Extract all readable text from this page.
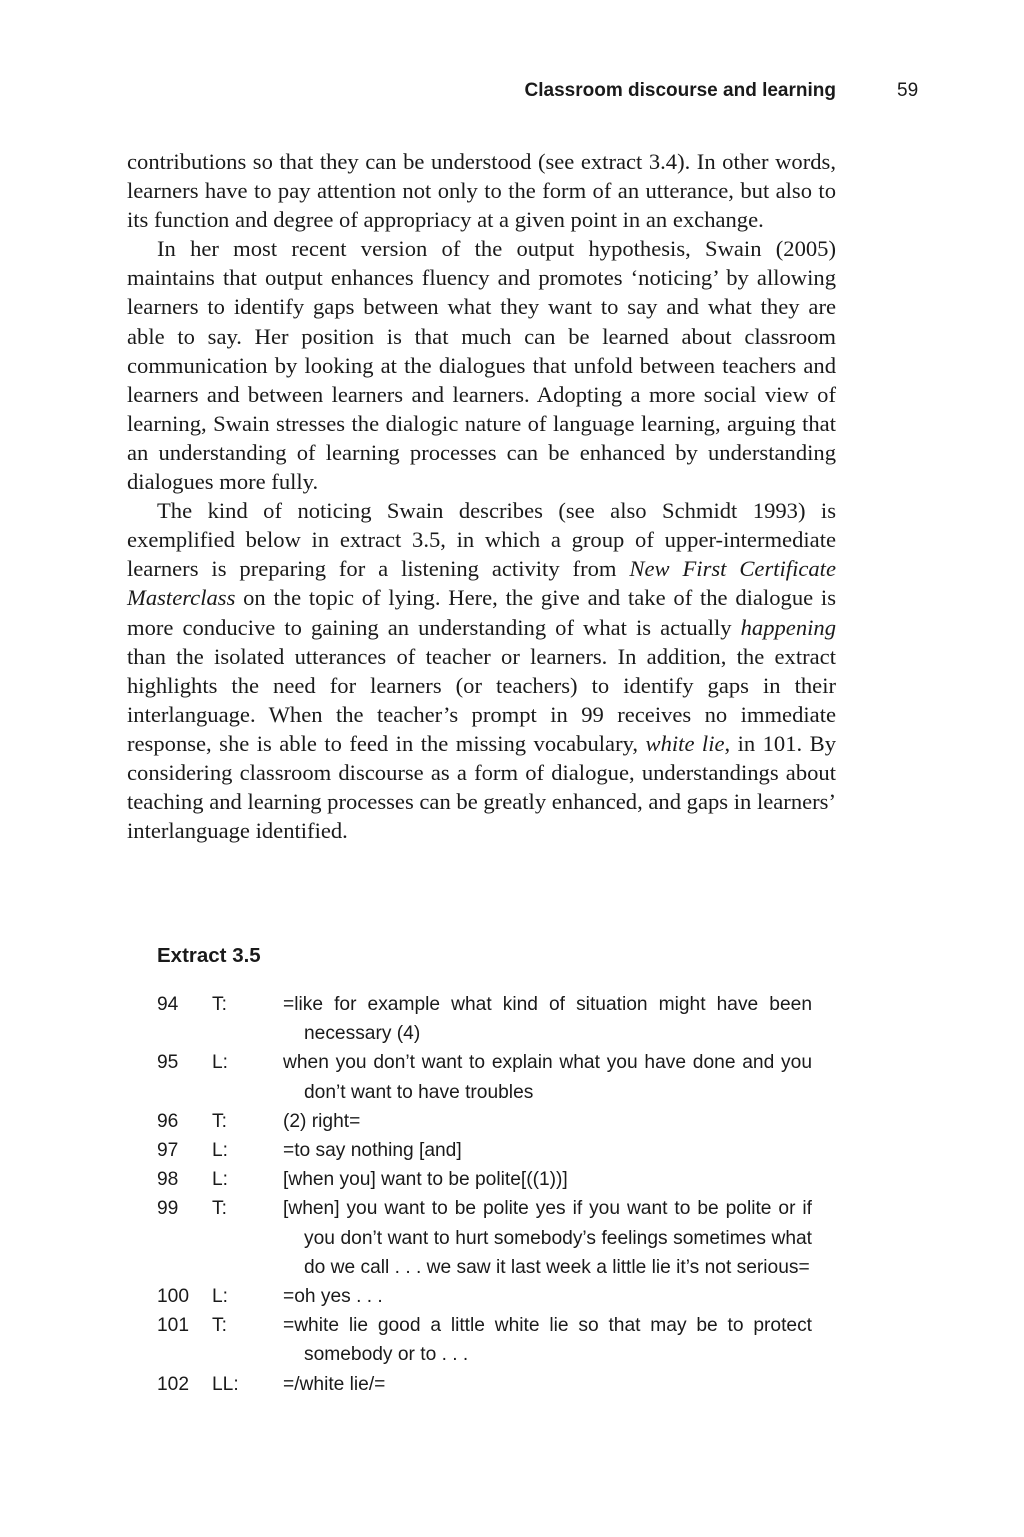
Classroom discourse and learning	59

contributions so that they can be understood (see extract 3.4). In other words, learners have to pay attention not only to the form of an utterance, but also to its function and degree of appropriacy at a given point in an exchange.

In her most recent version of the output hypothesis, Swain (2005) maintains that output enhances fluency and promotes ‘noticing’ by allowing learners to identify gaps between what they want to say and what they are able to say. Her position is that much can be learned about classroom communication by looking at the dialogues that unfold between teachers and learners and between learners and learners. Adopting a more social view of learning, Swain stresses the dialogic nature of language learning, arguing that an understanding of learning processes can be enhanced by understanding dialogues more fully.

The kind of noticing Swain describes (see also Schmidt 1993) is exemplified below in extract 3.5, in which a group of upper-intermediate learners is preparing for a listening activity from New First Certificate Masterclass on the topic of lying. Here, the give and take of the dialogue is more conducive to gaining an understanding of what is actually happening than the isolated utterances of teacher or learners. In addition, the extract highlights the need for learners (or teachers) to identify gaps in their interlanguage. When the teacher’s prompt in 99 receives no immediate response, she is able to feed in the missing vocabulary, white lie, in 101. By considering classroom discourse as a form of dialogue, understandings about teaching and learning processes can be greatly enhanced, and gaps in learners’ interlanguage identified.

Extract 3.5
94	T:	=like for example what kind of situation might have been necessary (4)
95	L:	when you don’t want to explain what you have done and you don’t want to have troubles
96	T:	(2) right=
97	L:	=to say nothing [and]
98	L:	[when you] want to be polite[((1))]
99	T:	[when] you want to be polite yes if you want to be polite or if you don’t want to hurt somebody’s feelings sometimes what do we call . . . we saw it last week a little lie it’s not serious=
100	L:	=oh yes . . .
101	T:	=white lie good a little white lie so that may be to protect somebody or to . . .
102	LL:	=/white lie/=
